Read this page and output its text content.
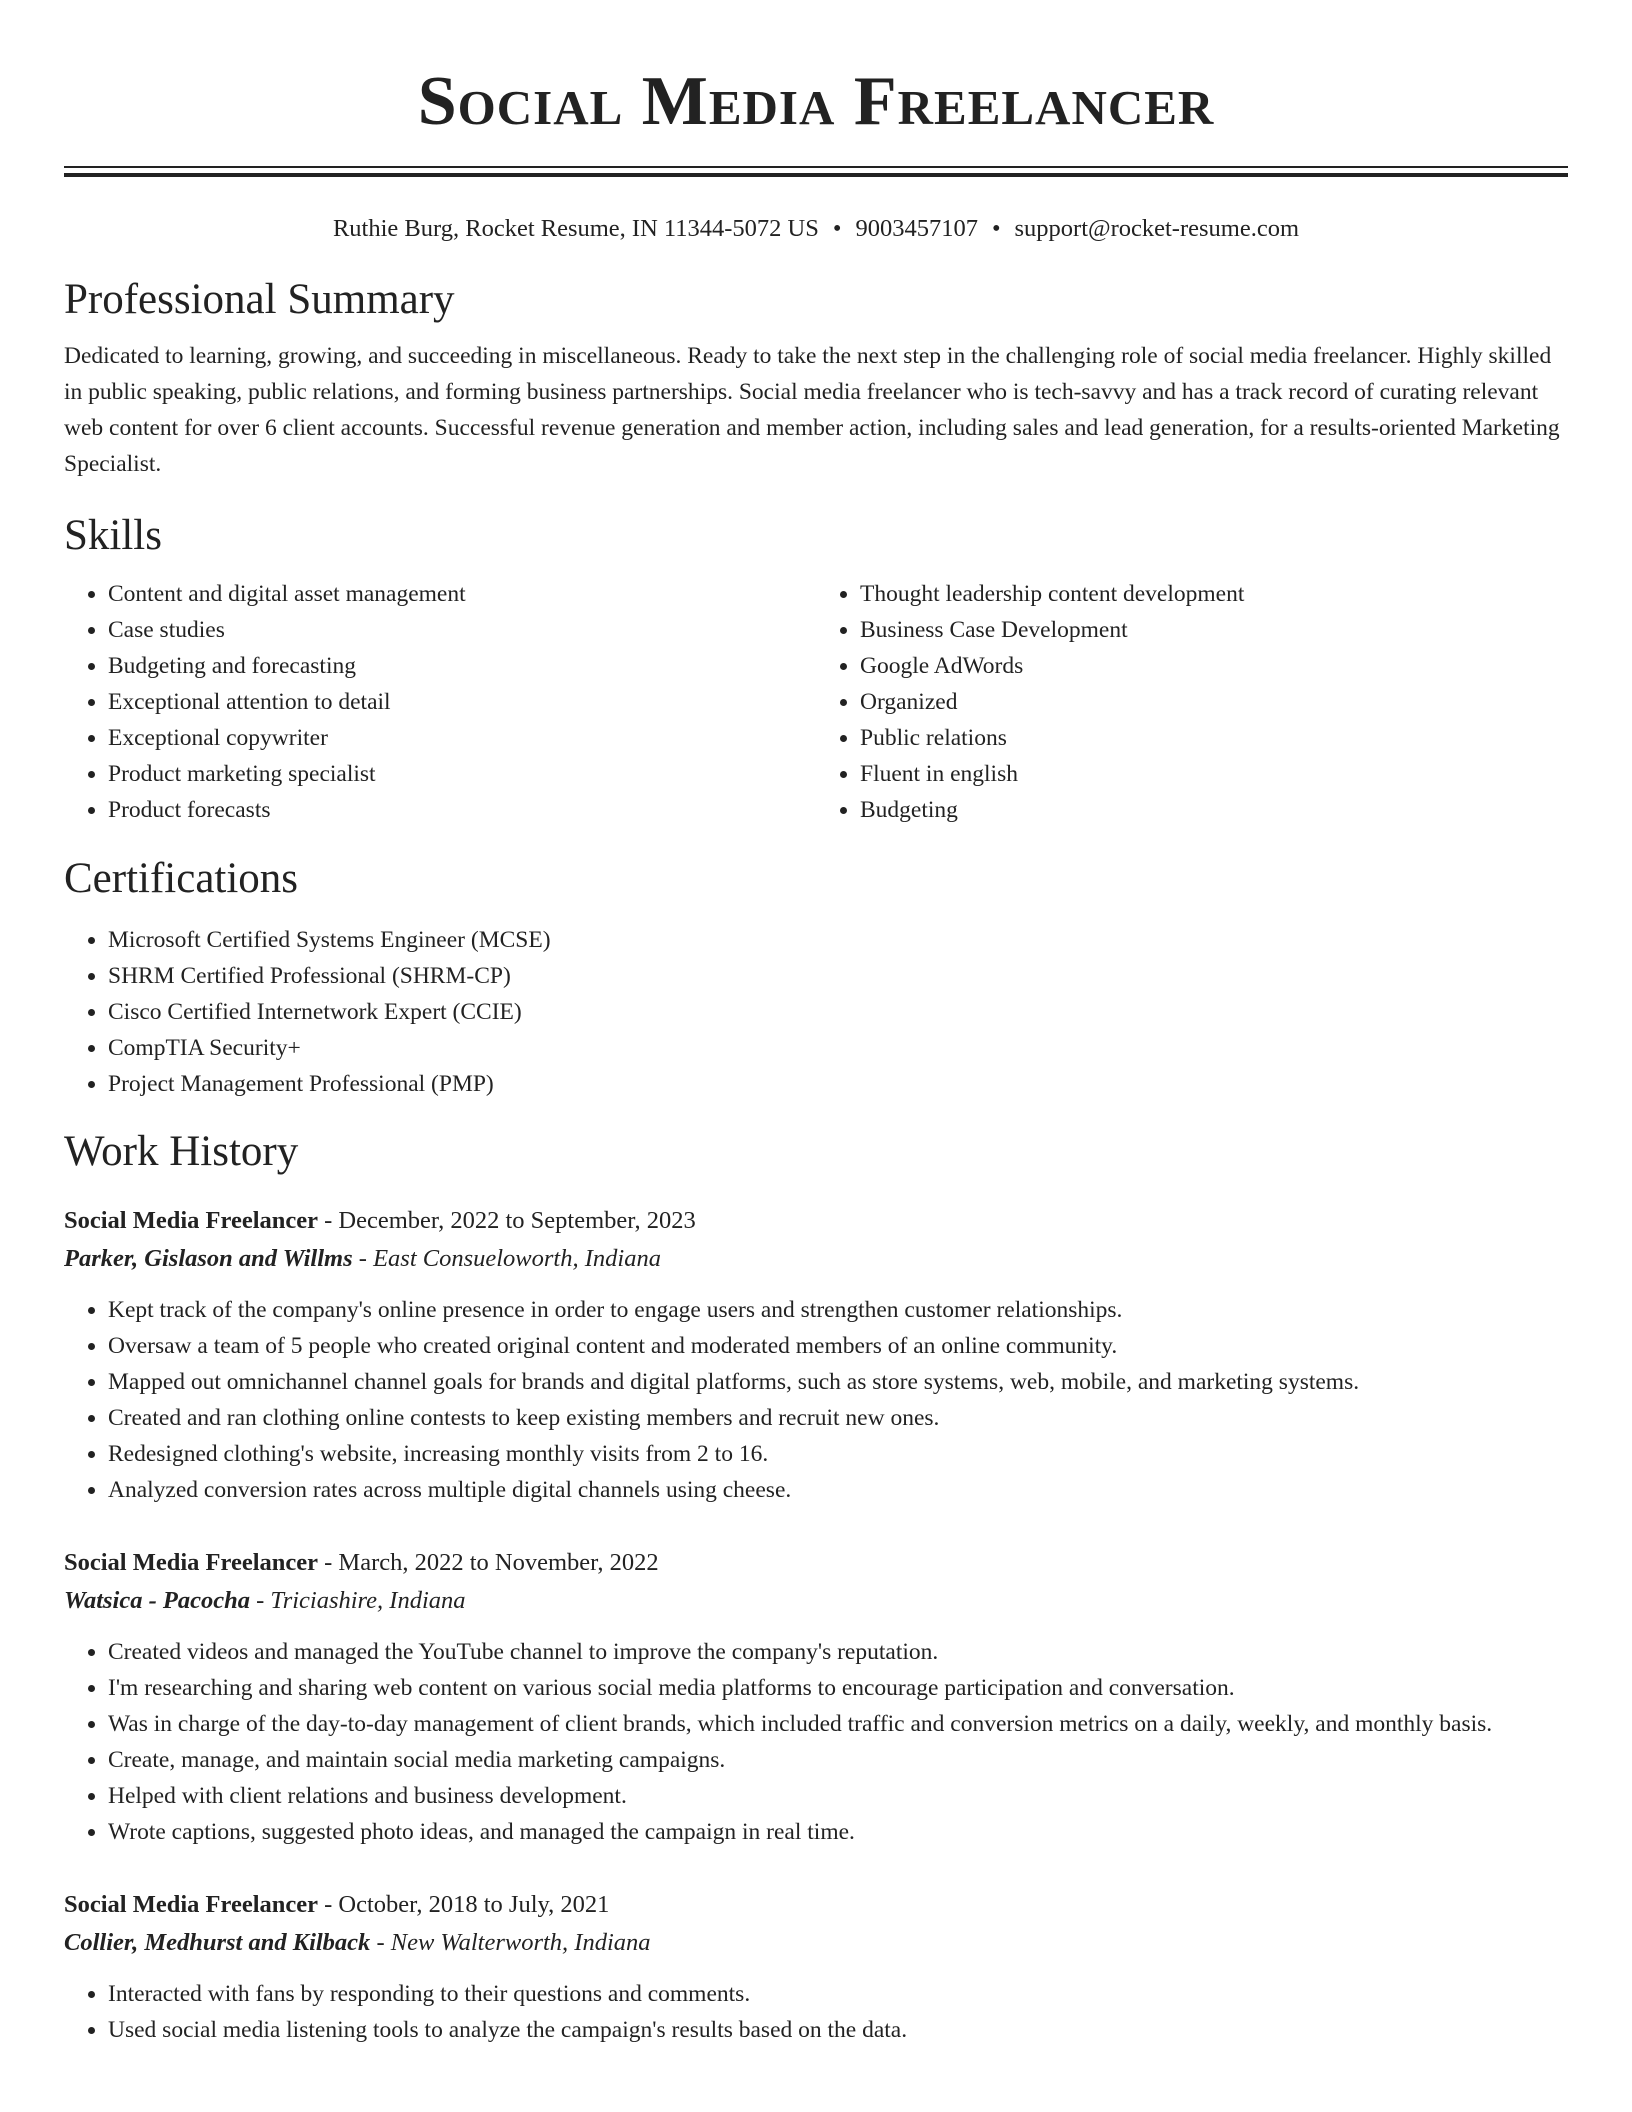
Social Media Freelancer
Ruthie Burg, Rocket Resume, IN 11344-5072 US • 9003457107 • support@rocket-resume.com
Professional Summary
Dedicated to learning, growing, and succeeding in miscellaneous. Ready to take the next step in the challenging role of social media freelancer. Highly skilled in public speaking, public relations, and forming business partnerships. Social media freelancer who is tech-savvy and has a track record of curating relevant web content for over 6 client accounts. Successful revenue generation and member action, including sales and lead generation, for a results-oriented Marketing Specialist.
Skills
• Content and digital asset management
• Case studies
• Budgeting and forecasting
• Exceptional attention to detail
• Exceptional copywriter
• Product marketing specialist
• Product forecasts
• Thought leadership content development
• Business Case Development
• Google AdWords
• Organized
• Public relations
• Fluent in english
• Budgeting
Certifications
• Microsoft Certified Systems Engineer (MCSE)
• SHRM Certified Professional (SHRM-CP)
• Cisco Certified Internetwork Expert (CCIE)
• CompTIA Security+
• Project Management Professional (PMP)
Work History
Social Media Freelancer - December, 2022 to September, 2023
Parker, Gislason and Willms - East Consueloworth, Indiana
• Kept track of the company's online presence in order to engage users and strengthen customer relationships.
• Oversaw a team of 5 people who created original content and moderated members of an online community.
• Mapped out omnichannel channel goals for brands and digital platforms, such as store systems, web, mobile, and marketing systems.
• Created and ran clothing online contests to keep existing members and recruit new ones.
• Redesigned clothing's website, increasing monthly visits from 2 to 16.
• Analyzed conversion rates across multiple digital channels using cheese.
Social Media Freelancer - March, 2022 to November, 2022
Watsica - Pacocha - Triciashire, Indiana
• Created videos and managed the YouTube channel to improve the company's reputation.
• I'm researching and sharing web content on various social media platforms to encourage participation and conversation.
• Was in charge of the day-to-day management of client brands, which included traffic and conversion metrics on a daily, weekly, and monthly basis.
• Create, manage, and maintain social media marketing campaigns.
• Helped with client relations and business development.
• Wrote captions, suggested photo ideas, and managed the campaign in real time.
Social Media Freelancer - October, 2018 to July, 2021
Collier, Medhurst and Kilback - New Walterworth, Indiana
• Interacted with fans by responding to their questions and comments.
• Used social media listening tools to analyze the campaign's results based on the data.
